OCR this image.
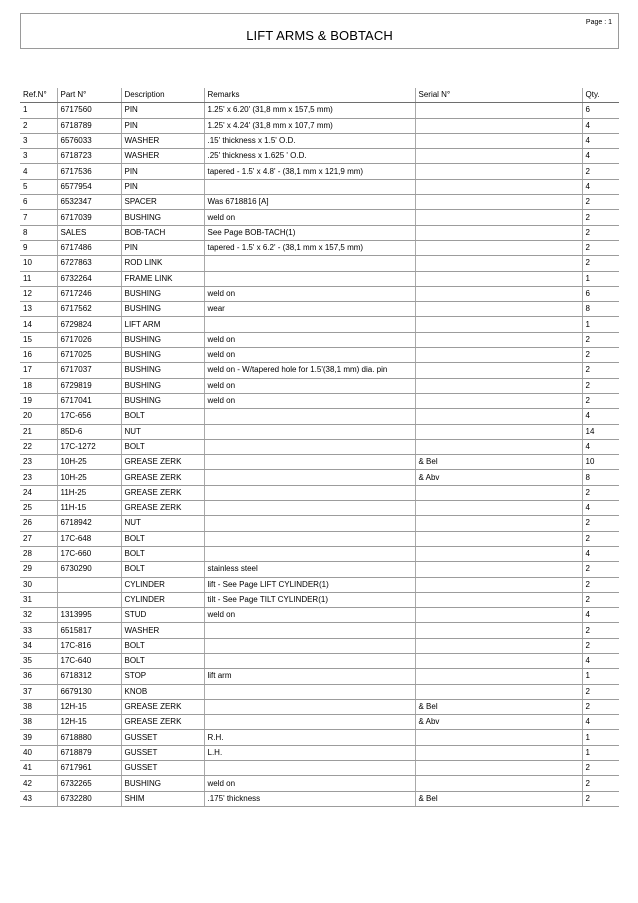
Page : 1
LIFT ARMS & BOBTACH
Ref.N°	Part N°	Description	Remarks	Serial N°	Qty.
1	6717560	PIN	1.25' x 6.20' (31,8 mm x 157,5 mm)		6
2	6718789	PIN	1.25' x 4.24' (31,8 mm x 107,7 mm)		4
3	6576033	WASHER	.15' thickness x 1.5' O.D.		4
3	6718723	WASHER	.25' thickness x 1.625 ' O.D.		4
4	6717536	PIN	tapered - 1.5' x 4.8' - (38,1 mm x 121,9 mm)		2
5	6577954	PIN			4
6	6532347	SPACER	Was 6718816 [A]		2
7	6717039	BUSHING	weld on		2
8	SALES	BOB-TACH	See Page BOB-TACH(1)		2
9	6717486	PIN	tapered - 1.5' x 6.2' - (38,1 mm x 157,5 mm)		2
10	6727863	ROD LINK			2
11	6732264	FRAME LINK			1
12	6717246	BUSHING	weld on		6
13	6717562	BUSHING	wear		8
14	6729824	LIFT ARM			1
15	6717026	BUSHING	weld on		2
16	6717025	BUSHING	weld on		2
17	6717037	BUSHING	weld on - W/tapered hole for 1.5'(38,1 mm) dia. pin		2
18	6729819	BUSHING	weld on		2
19	6717041	BUSHING	weld on		2
20	17C-656	BOLT			4
21	85D-6	NUT			14
22	17C-1272	BOLT			4
23	10H-25	GREASE ZERK		& Bel	10
23	10H-25	GREASE ZERK		& Abv	8
24	11H-25	GREASE ZERK			2
25	11H-15	GREASE ZERK			4
26	6718942	NUT			2
27	17C-648	BOLT			2
28	17C-660	BOLT			4
29	6730290	BOLT	stainless steel		2
30		CYLINDER	lift - See Page LIFT CYLINDER(1)		2
31		CYLINDER	tilt - See Page TILT CYLINDER(1)		2
32	1313995	STUD	weld on		4
33	6515817	WASHER			2
34	17C-816	BOLT			2
35	17C-640	BOLT			4
36	6718312	STOP	lift arm		1
37	6679130	KNOB			2
38	12H-15	GREASE ZERK		& Bel	2
38	12H-15	GREASE ZERK		& Abv	4
39	6718880	GUSSET	R.H.		1
40	6718879	GUSSET	L.H.		1
41	6717961	GUSSET			2
42	6732265	BUSHING	weld on		2
43	6732280	SHIM	.175' thickness	& Bel	2
